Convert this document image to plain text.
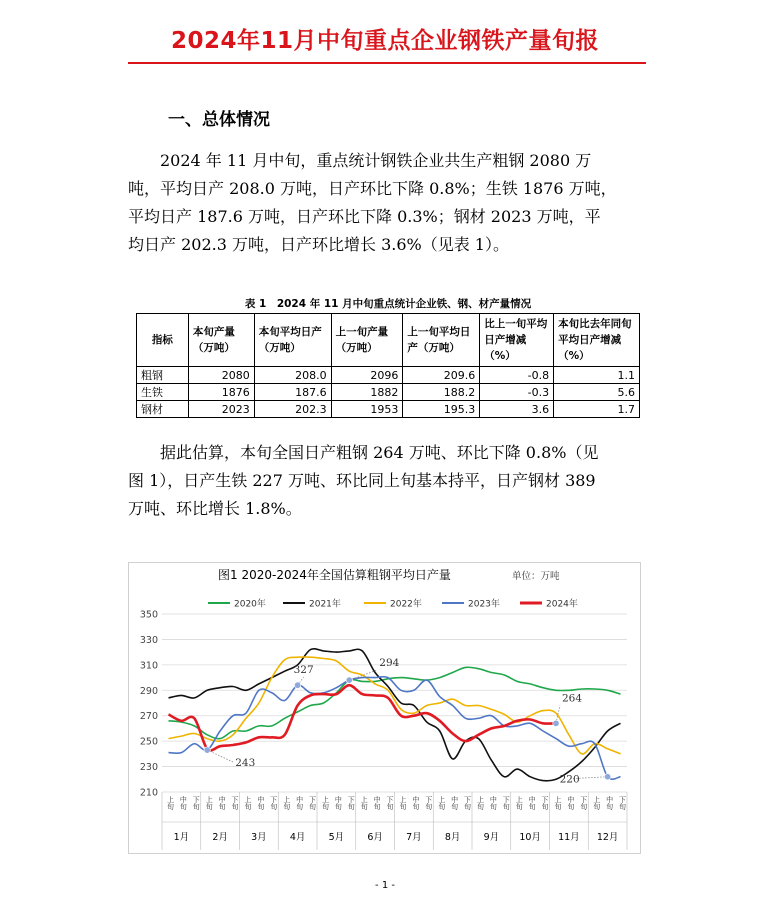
2024年11月中旬重点企业钢铁产量旬报
一、总体情况

2024 年 11 月中旬，重点统计钢铁企业共生产粗钢 2080 万
吨，平均日产 208.0 万吨，日产环比下降 0.8%；生铁 1876 万吨，
平均日产 187.6 万吨，日产环比下降 0.3%；钢材 2023 万吨，平
均日产 202.3 万吨，日产环比增长 3.6%（见表 1）。

表 1　2024 年 11 月中旬重点统计企业铁、钢、材产量情况
指标	本旬产量（万吨）	本旬平均日产（万吨）	上一旬产量（万吨）	上一旬平均日产（万吨）	比上一旬平均日产增减（%）	本旬比去年同旬平均日产增减（%）
粗钢	2080	208.0	2096	209.6	-0.8	1.1
生铁	1876	187.6	1882	188.2	-0.3	5.6
钢材	2023	202.3	1953	195.3	3.6	1.7

据此估算，本旬全国日产粗钢 264 万吨、环比下降 0.8%（见
图 1），日产生铁 227 万吨、环比同上旬基本持平，日产钢材 389
万吨、环比增长 1.8%。

图1 2020-2024年全国估算粗钢平均日产量	单位：万吨
2020年	2021年	2022年	2023年	2024年
210
230
250
270
290
310
330
350
上旬 中旬 下旬 上旬 中旬 下旬 上旬 中旬 下旬 上旬 中旬 下旬 上旬 中旬 下旬 上旬 中旬 下旬 上旬 中旬 下旬 上旬 中旬 下旬 上旬 中旬 下旬 上旬 中旬 下旬 上旬 中旬 下旬 上旬 中旬 下旬
1月 2月 3月 4月 5月 6月 7月 8月 9月 10月 11月 12月
327
294
264
243
220
- 1 -
